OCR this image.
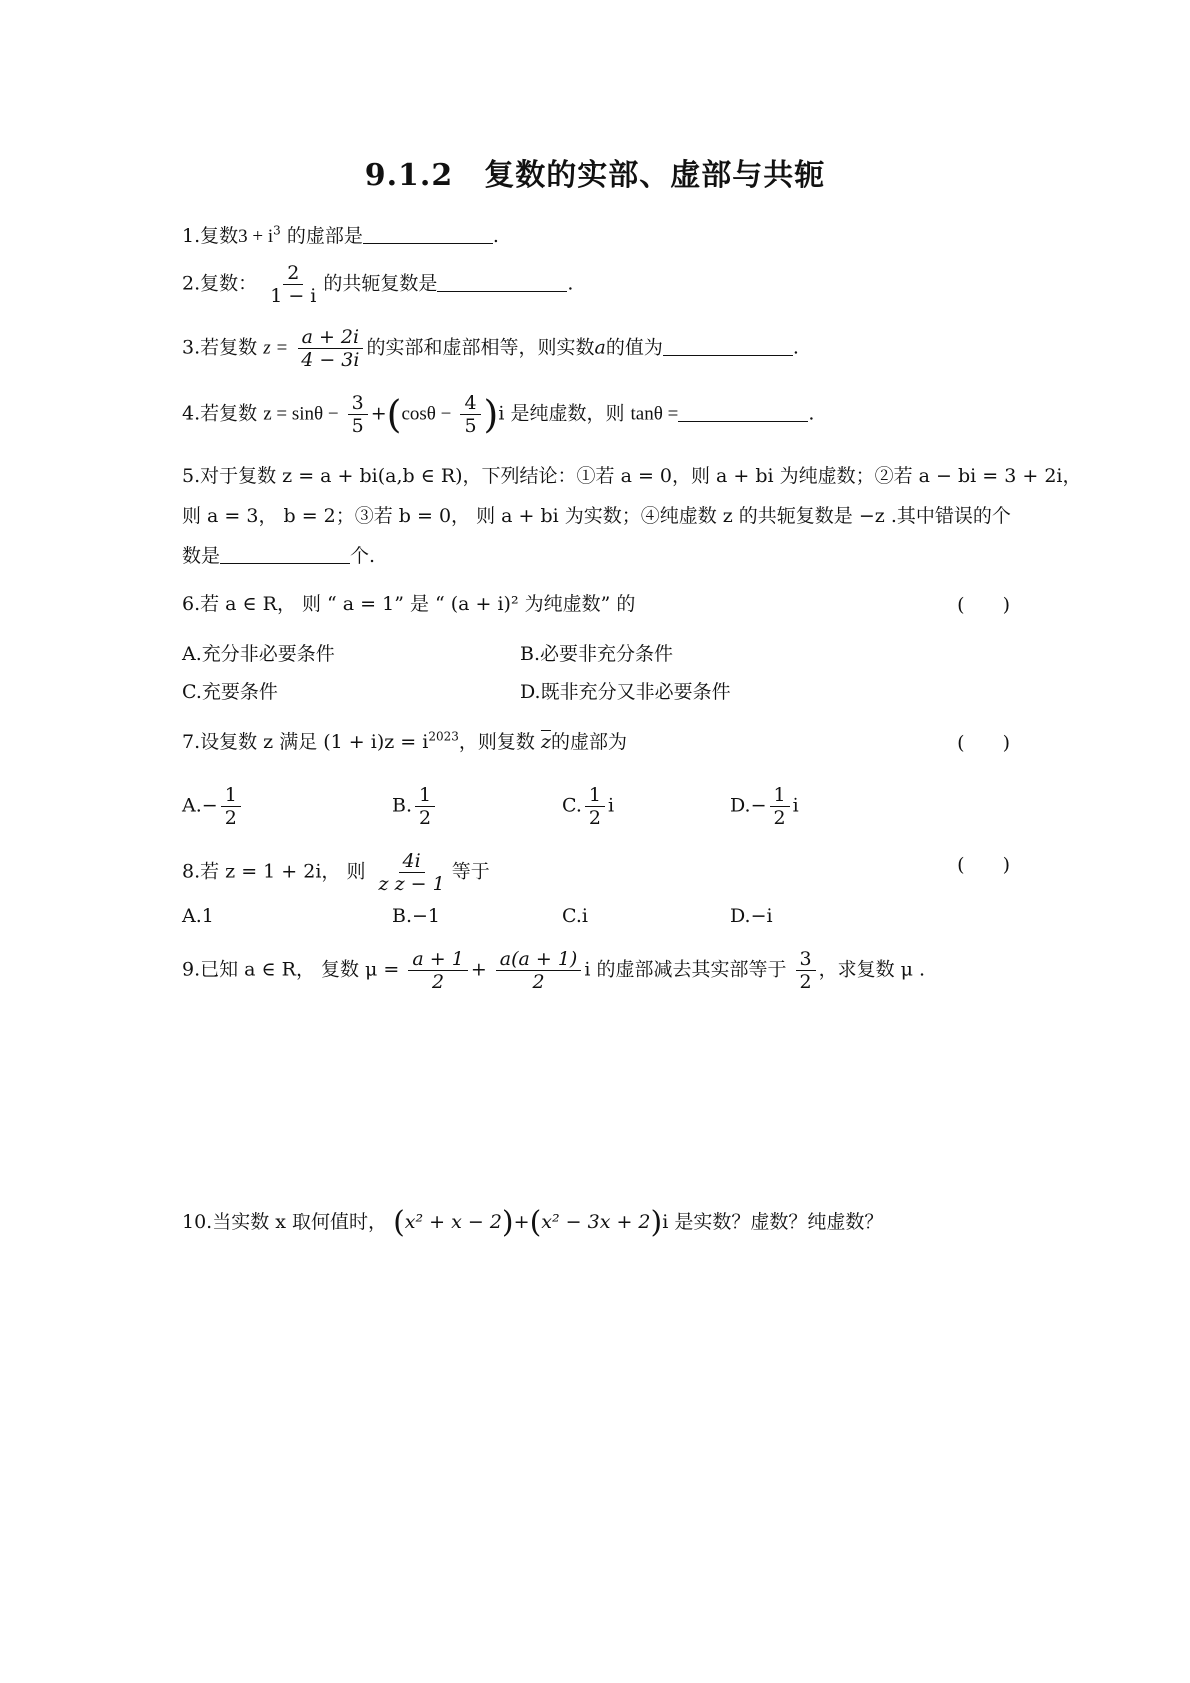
9.1.2　复数的实部、虚部与共轭
1.复数$3 + i^3$ 的虚部是	.
2.复数： $\frac{2}{1 - i}$ 的共轭复数是	.
3.若复数 $z = \frac{a + 2i}{4 - 3i}$ 的实部和虚部相等，则实数a的值为	.
4.若复数 $z = \sin\theta - \frac{3}{5} +(\cos\theta - \frac{4}{5} )i$ 是纯虚数，则 tanθ =	.
5.对于复数 z = a + bi(a,b ∈ R)，下列结论：①若 a = 0，则 a + bi 为纯虚数；②若 a − bi = 3 + 2i，
则 a = 3， b = 2；③若 b = 0， 则 a + bi 为实数；④纯虚数 z 的共轭复数是 −z .其中错误的个
数是	个.
6.若 a ∈ R， 则 “ a = 1” 是 “ (a + i)² 为纯虚数” 的	(　　)
A.充分非必要条件	B.必要非充分条件
C.充要条件	D.既非充分又非必要条件
7.设复数 z 满足 $(1 + i)z = i^{2023}$，则复数 $\overline{z}$的虚部为	(　　)
$A.- \frac{1}{2}$	B. $\frac{1}{2}$	C. $\frac{1}{2}$ i	$D.- \frac{1}{2}$ i
8.若 z = 1 + 2i， 则 $\frac{4i}{\text{z z − 1}}$ 等于	(　　)
A.1	B.−1	C.i	D.−i
9.已知 a ∈ R， 复数 $\mu = \frac{a + 1}{2} + \frac{a(a + 1)}{2}$ i 的虚部减去其实部等于 $\frac{3}{2}$ ，求复数 μ .
10.当实数 x 取何值时， (x² + x − 2)+(x² − 3x + 2)i 是实数？虚数？纯虚数？
